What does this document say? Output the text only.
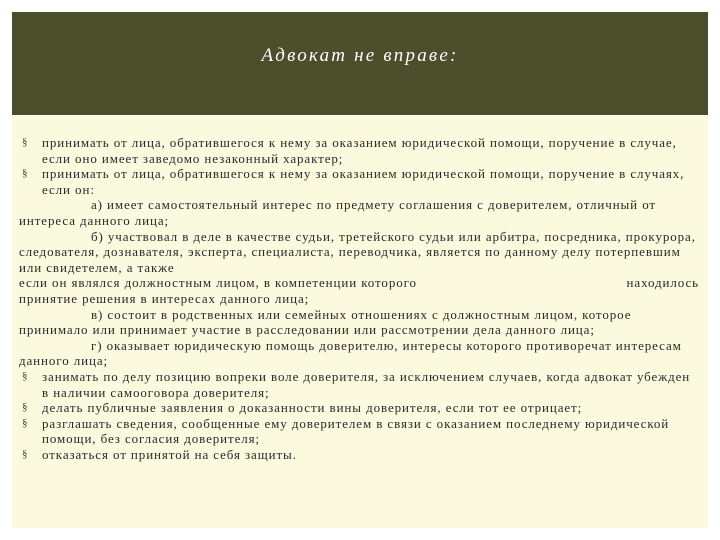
Адвокат не вправе:
§ принимать от лица, обратившегося к нему за оказанием юридической помощи, поручение в случае, если оно имеет заведомо незаконный характер;
§ принимать от лица, обратившегося к нему за оказанием юридической помощи, поручение в случаях, если он:
а) имеет самостоятельный интерес по предмету соглашения с доверителем, отличный от интереса данного лица;
б) участвовал в деле в качестве судьи, третейского судьи или арбитра, посредника, прокурора, следователя, дознавателя, эксперта, специалиста, переводчика, является по данному делу потерпевшим или свидетелем, а также
если он являлся должностным лицом, в компетенции которого	находилось
принятие решения в интересах данного лица;
в) состоит в родственных или семейных отношениях с должностным лицом, которое принимало или принимает участие в расследовании или рассмотрении дела данного лица;
г) оказывает юридическую помощь доверителю, интересы которого противоречат интересам данного лица;
§ занимать по делу позицию вопреки воле доверителя, за исключением случаев, когда адвокат убежден в наличии самооговора доверителя;
§ делать публичные заявления о доказанности вины доверителя, если тот ее отрицает;
§ разглашать сведения, сообщенные ему доверителем в связи с оказанием последнему юридической помощи, без согласия доверителя;
§ отказаться от принятой на себя защиты.
